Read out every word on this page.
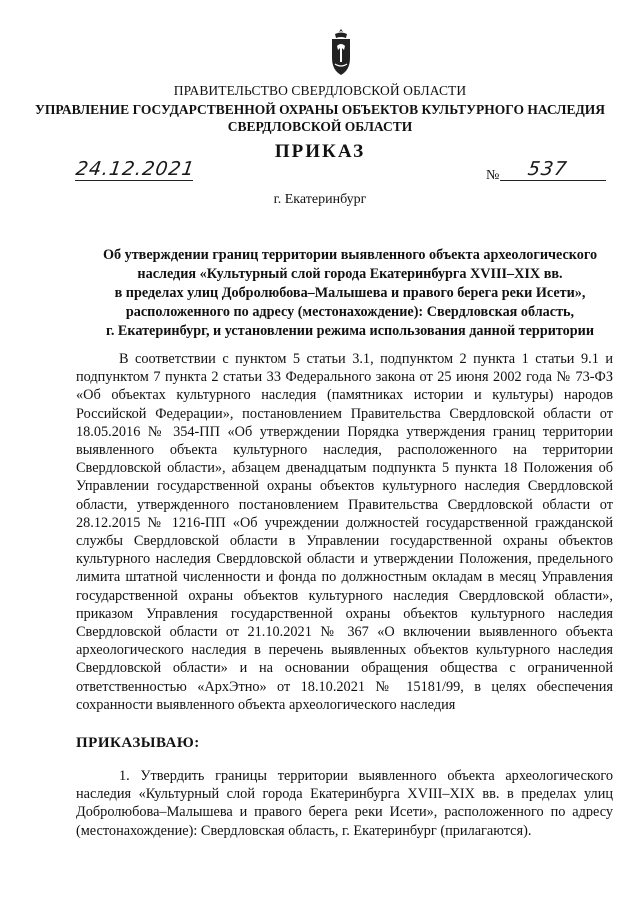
ПРАВИТЕЛЬСТВО СВЕРДЛОВСКОЙ ОБЛАСТИ
УПРАВЛЕНИЕ ГОСУДАРСТВЕННОЙ ОХРАНЫ ОБЪЕКТОВ КУЛЬТУРНОГО НАСЛЕДИЯ
СВЕРДЛОВСКОЙ ОБЛАСТИ
ПРИКАЗ
24.12.2021	№ 537
г. Екатеринбург
Об утверждении границ территории выявленного объекта археологического
наследия «Культурный слой города Екатеринбурга XVIII–XIX вв.
в пределах улиц Добролюбова–Малышева и правого берега реки Исети»,
расположенного по адресу (местонахождение): Свердловская область,
г. Екатеринбург, и установлении режима использования данной территории
В соответствии с пунктом 5 статьи 3.1, подпунктом 2 пункта 1 статьи 9.1 и подпунктом 7 пункта 2 статьи 33 Федерального закона от 25 июня 2002 года № 73-ФЗ «Об объектах культурного наследия (памятниках истории и культуры) народов Российской Федерации», постановлением Правительства Свердловской области от 18.05.2016 № 354-ПП «Об утверждении Порядка утверждения границ территории выявленного объекта культурного наследия, расположенного на территории Свердловской области», абзацем двенадцатым подпункта 5 пункта 18 Положения об Управлении государственной охраны объектов культурного наследия Свердловской области, утвержденного постановлением Правительства Свердловской области от 28.12.2015 № 1216-ПП «Об учреждении должностей государственной гражданской службы Свердловской области в Управлении государственной охраны объектов культурного наследия Свердловской области и утверждении Положения, предельного лимита штатной численности и фонда по должностным окладам в месяц Управления государственной охраны объектов культурного наследия Свердловской области», приказом Управления государственной охраны объектов культурного наследия Свердловской области от 21.10.2021 № 367 «О включении выявленного объекта археологического наследия в перечень выявленных объектов культурного наследия Свердловской области» и на основании обращения общества с ограниченной ответственностью «АрхЭтно» от 18.10.2021 № 15181/99, в целях обеспечения сохранности выявленного объекта археологического наследия
ПРИКАЗЫВАЮ:
1. Утвердить границы территории выявленного объекта археологического наследия «Культурный слой города Екатеринбурга XVIII–XIX вв. в пределах улиц Добролюбова–Малышева и правого берега реки Исети», расположенного по адресу (местонахождение): Свердловская область, г. Екатеринбург (прилагаются).
